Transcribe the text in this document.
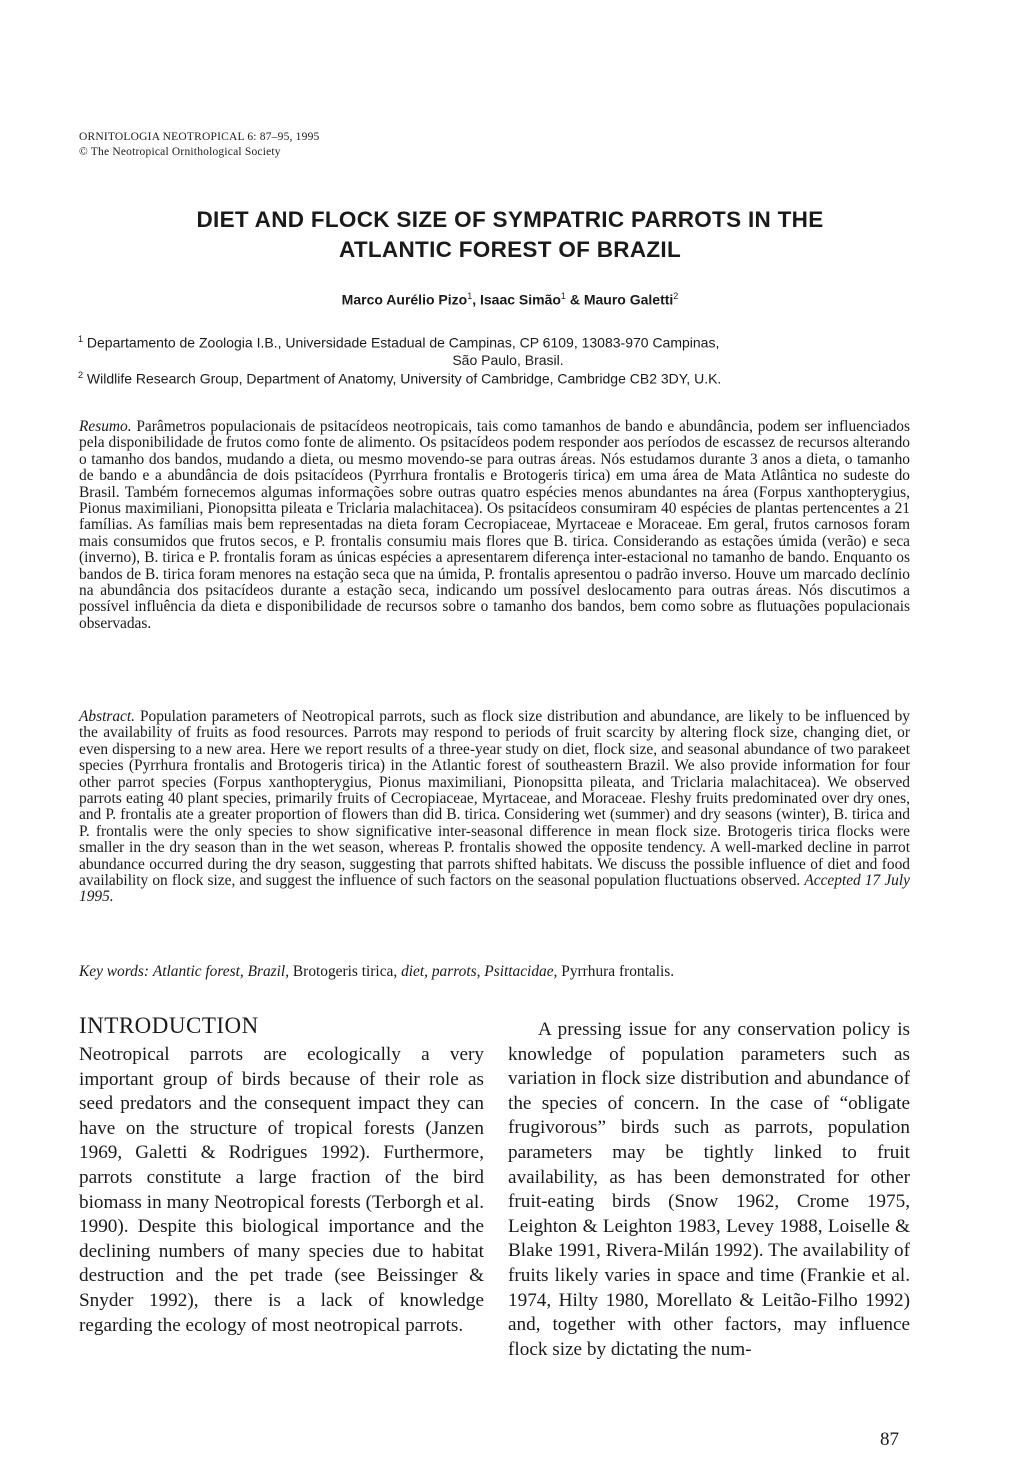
ORNITOLOGIA NEOTROPICAL 6: 87–95, 1995
© The Neotropical Ornithological Society
DIET AND FLOCK SIZE OF SYMPATRIC PARROTS IN THE
ATLANTIC FOREST OF BRAZIL
Marco Aurélio Pizo$^1$, Isaac Simão$^1$ & Mauro Galetti$^2$
$^1$ Departamento de Zoologia I.B., Universidade Estadual de Campinas, CP 6109, 13083-970 Campinas,
São Paulo, Brasil.
$^2$ Wildlife Research Group, Department of Anatomy, University of Cambridge, Cambridge CB2 3DY, U.K.

Resumo. Parâmetros populacionais de psitacídeos neotropicais, tais como tamanhos de bando e abundância, podem ser influenciados pela disponibilidade de frutos como fonte de alimento. Os psitacídeos podem responder aos períodos de escassez de recursos alterando o tamanho dos bandos, mudando a dieta, ou mesmo movendo-se para outras áreas. Nós estudamos durante 3 anos a dieta, o tamanho de bando e a abundância de dois psitacídeos (Pyrrhura frontalis e Brotogeris tirica) em uma área de Mata Atlântica no sudeste do Brasil. Também fornecemos algumas informações sobre outras quatro espécies menos abundantes na área (Forpus xanthopterygius, Pionus maximiliani, Pionopsitta pileata e Triclaria malachitacea). Os psitacídeos consumiram 40 espécies de plantas pertencentes a 21 famílias. As famílias mais bem representadas na dieta foram Cecropiaceae, Myrtaceae e Moraceae. Em geral, frutos carnosos foram mais consumidos que frutos secos, e P. frontalis consumiu mais flores que B. tirica. Considerando as estações úmida (verão) e seca (inverno), B. tirica e P. frontalis foram as únicas espécies a apresentarem diferença inter-estacional no tamanho de bando. Enquanto os bandos de B. tirica foram menores na estação seca que na úmida, P. frontalis apresentou o padrão inverso. Houve um marcado declínio na abundância dos psitacídeos durante a estação seca, indicando um possível deslocamento para outras áreas. Nós discutimos a possível influência da dieta e disponibilidade de recursos sobre o tamanho dos bandos, bem como sobre as flutuações populacionais observadas.

Abstract. Population parameters of Neotropical parrots, such as flock size distribution and abundance, are likely to be influenced by the availability of fruits as food resources. Parrots may respond to periods of fruit scarcity by altering flock size, changing diet, or even dispersing to a new area. Here we report results of a three-year study on diet, flock size, and seasonal abundance of two parakeet species (Pyrrhura frontalis and Brotogeris tirica) in the Atlantic forest of southeastern Brazil. We also provide information for four other parrot species (Forpus xanthopterygius, Pionus maximiliani, Pionopsitta pileata, and Triclaria malachitacea). We observed parrots eating 40 plant species, primarily fruits of Cecropiaceae, Myrtaceae, and Moraceae. Fleshy fruits predominated over dry ones, and P. frontalis ate a greater proportion of flowers than did B. tirica. Considering wet (summer) and dry seasons (winter), B. tirica and P. frontalis were the only species to show significative inter-seasonal difference in mean flock size. Brotogeris tirica flocks were smaller in the dry season than in the wet season, whereas P. frontalis showed the opposite tendency. A well-marked decline in parrot abundance occurred during the dry season, suggesting that parrots shifted habitats. We discuss the possible influence of diet and food availability on flock size, and suggest the influence of such factors on the seasonal population fluctuations observed. Accepted 17 July 1995.

Key words: Atlantic forest, Brazil, Brotogeris tirica, diet, parrots, Psittacidae, Pyrrhura frontalis.

INTRODUCTION

Neotropical parrots are ecologically a very important group of birds because of their role as seed predators and the consequent impact they can have on the structure of tropical forests (Janzen 1969, Galetti & Rodrigues 1992). Furthermore, parrots constitute a large fraction of the bird biomass in many Neotropical forests (Terborgh et al. 1990). Despite this biological importance and the declining numbers of many species due to habitat destruction and the pet trade (see Beissinger & Snyder 1992), there is a lack of knowledge regarding the ecology of most neotropical parrots.

A pressing issue for any conservation policy is knowledge of population parameters such as variation in flock size distribution and abundance of the species of concern. In the case of “obligate frugivorous” birds such as parrots, population parameters may be tightly linked to fruit availability, as has been demonstrated for other fruit-eating birds (Snow 1962, Crome 1975, Leighton & Leighton 1983, Levey 1988, Loiselle & Blake 1991, Rivera-Milán 1992). The availability of fruits likely varies in space and time (Frankie et al. 1974, Hilty 1980, Morellato & Leitão-Filho 1992) and, together with other factors, may influence flock size by dictating the num-

87
